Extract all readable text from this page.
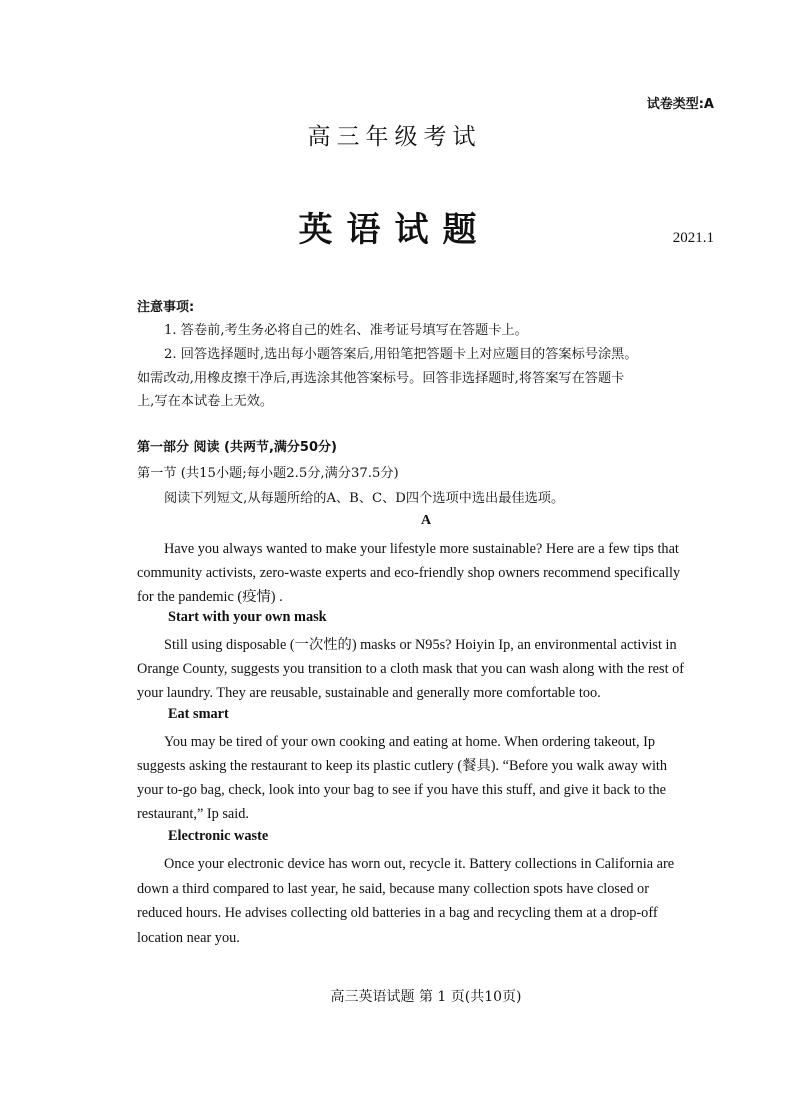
试卷类型:A
高三年级考试
英语试题	2021.1
注意事项:
1. 答卷前,考生务必将自己的姓名、准考证号填写在答题卡上。
2. 回答选择题时,选出每小题答案后,用铅笔把答题卡上对应题目的答案标号涂黑。
如需改动,用橡皮擦干净后,再选涂其他答案标号。回答非选择题时,将答案写在答题卡
上,写在本试卷上无效。
第一部分 阅读 (共两节,满分50分)
第一节 (共15小题;每小题2.5分,满分37.5分)
阅读下列短文,从每题所给的A、B、C、D四个选项中选出最佳选项。
A
Have you always wanted to make your lifestyle more sustainable? Here are a few tips that
community activists, zero-waste experts and eco-friendly shop owners recommend specifically
for the pandemic (疫情) .
Start with your own mask
Still using disposable (一次性的) masks or N95s? Hoiyin Ip, an environmental activist in
Orange County, suggests you transition to a cloth mask that you can wash along with the rest of
your laundry. They are reusable, sustainable and generally more comfortable too.
Eat smart
You may be tired of your own cooking and eating at home. When ordering takeout, Ip
suggests asking the restaurant to keep its plastic cutlery (餐具). “Before you walk away with
your to-go bag, check, look into your bag to see if you have this stuff, and give it back to the
restaurant,” Ip said.
Electronic waste
Once your electronic device has worn out, recycle it. Battery collections in California are
down a third compared to last year, he said, because many collection spots have closed or
reduced hours. He advises collecting old batteries in a bag and recycling them at a drop-off
location near you.
高三英语试题 第 1 页(共10页)
